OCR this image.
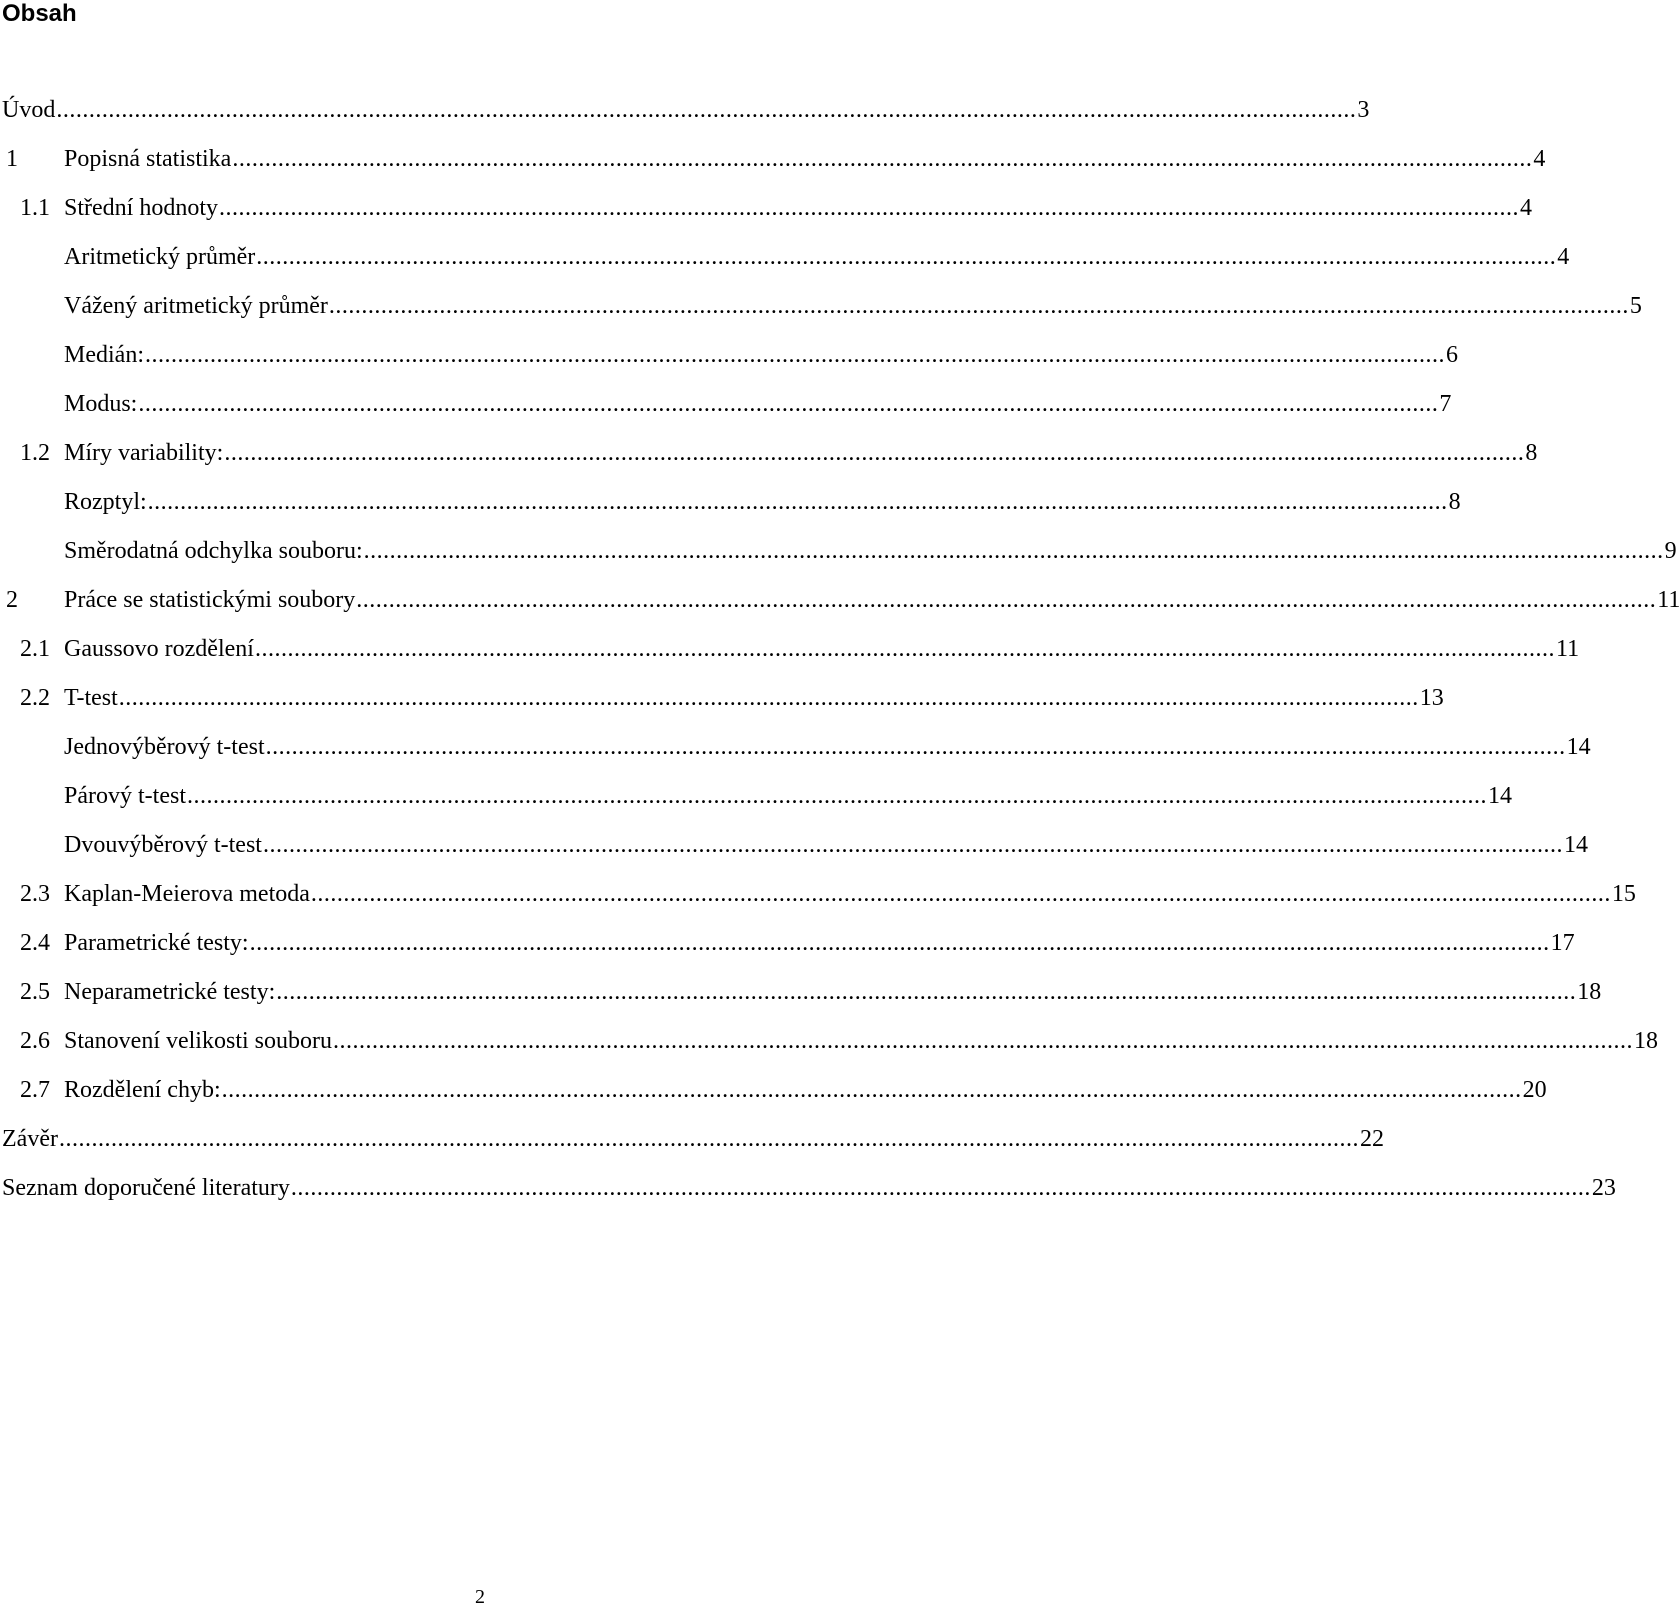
Obsah
Úvod ........................................................................................................................................................................................................ 3
1	Popisná statistika ........................................................................................................................................................................................................ 4
1.1 Střední hodnoty ........................................................................................................................................................................................................ 4
Aritmetický průměr ........................................................................................................................................................................................................ 4
Vážený aritmetický průměr ........................................................................................................................................................................................................ 5
Medián: ........................................................................................................................................................................................................ 6
Modus: ........................................................................................................................................................................................................ 7
1.2 Míry variability: ........................................................................................................................................................................................................ 8
Rozptyl: ........................................................................................................................................................................................................ 8
Směrodatná odchylka souboru: ........................................................................................................................................................................................................ 9
2	Práce se statistickými soubory ........................................................................................................................................................................................................ 11
2.1 Gaussovo rozdělení ........................................................................................................................................................................................................ 11
2.2 T-test ........................................................................................................................................................................................................ 13
Jednovýběrový t-test ........................................................................................................................................................................................................ 14
Párový t-test ........................................................................................................................................................................................................ 14
Dvouvýběrový t-test ........................................................................................................................................................................................................ 14
2.3 Kaplan-Meierova metoda ........................................................................................................................................................................................................ 15
2.4 Parametrické testy: ........................................................................................................................................................................................................ 17
2.5 Neparametrické testy: ........................................................................................................................................................................................................ 18
2.6 Stanovení velikosti souboru ........................................................................................................................................................................................................ 18
2.7 Rozdělení chyb: ........................................................................................................................................................................................................ 20
Závěr ........................................................................................................................................................................................................ 22
Seznam doporučené literatury ........................................................................................................................................................................................................ 23
2
